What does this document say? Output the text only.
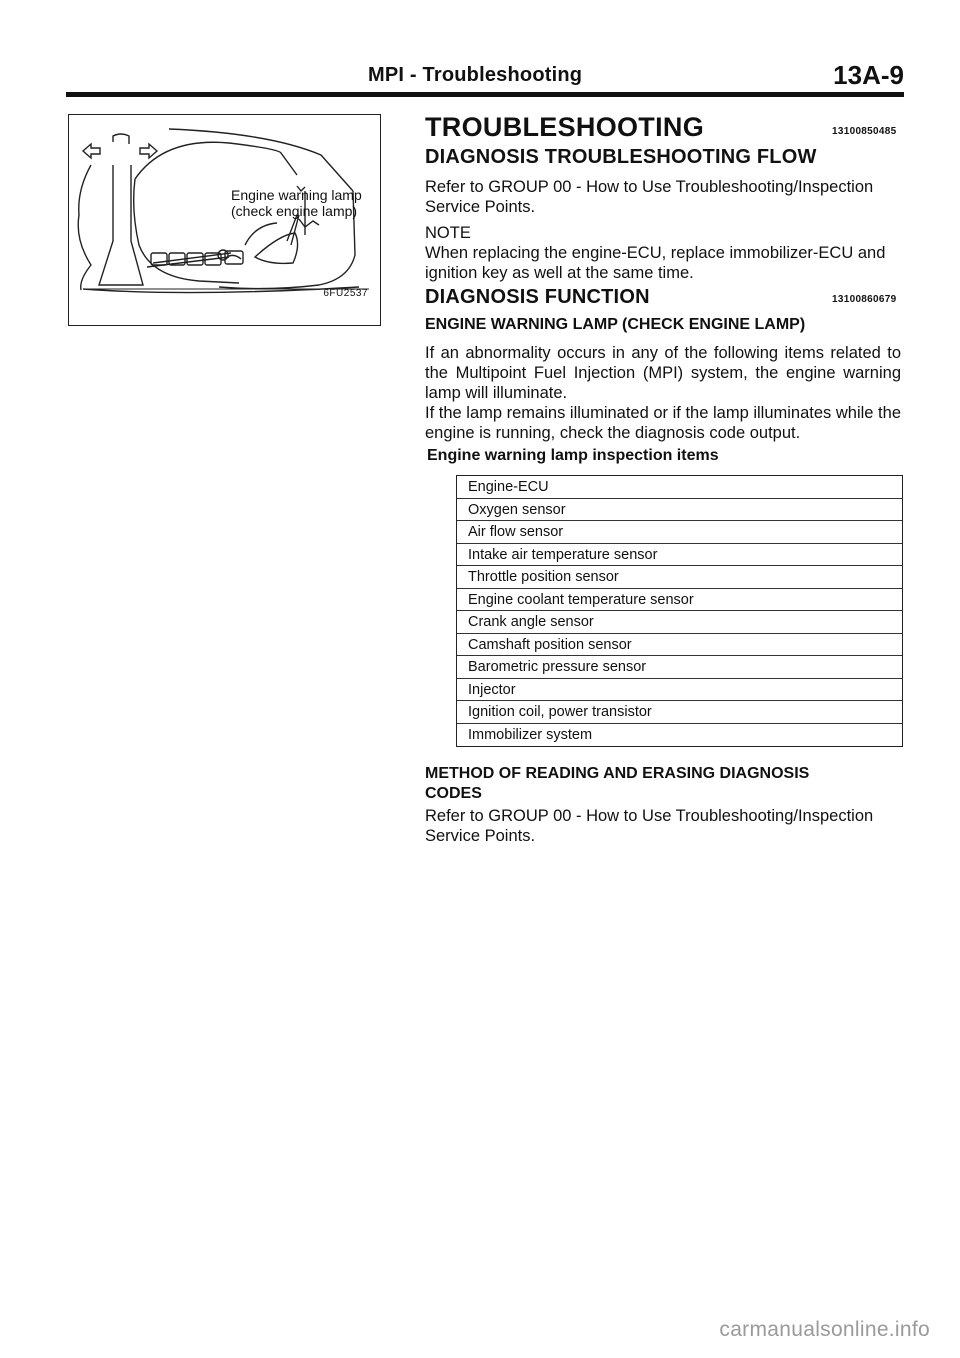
MPI - Troubleshooting	13A-9
Engine warning lamp
(check engine lamp)
6FU2537
TROUBLESHOOTING	13100850485
DIAGNOSIS TROUBLESHOOTING FLOW
Refer to GROUP 00 - How to Use Troubleshooting/Inspection Service Points.
NOTE
When replacing the engine-ECU, replace immobilizer-ECU and ignition key as well at the same time.
DIAGNOSIS FUNCTION	13100860679
ENGINE WARNING LAMP (CHECK ENGINE LAMP)
If an abnormality occurs in any of the following items related to the Multipoint Fuel Injection (MPI) system, the engine warning lamp will illuminate.
If the lamp remains illuminated or if the lamp illuminates while the engine is running, check the diagnosis code output.
Engine warning lamp inspection items
Engine-ECU
Oxygen sensor
Air flow sensor
Intake air temperature sensor
Throttle position sensor
Engine coolant temperature sensor
Crank angle sensor
Camshaft position sensor
Barometric pressure sensor
Injector
Ignition coil, power transistor
Immobilizer system
METHOD OF READING AND ERASING DIAGNOSIS CODES
Refer to GROUP 00 - How to Use Troubleshooting/Inspection Service Points.
carmanualsonline.info
